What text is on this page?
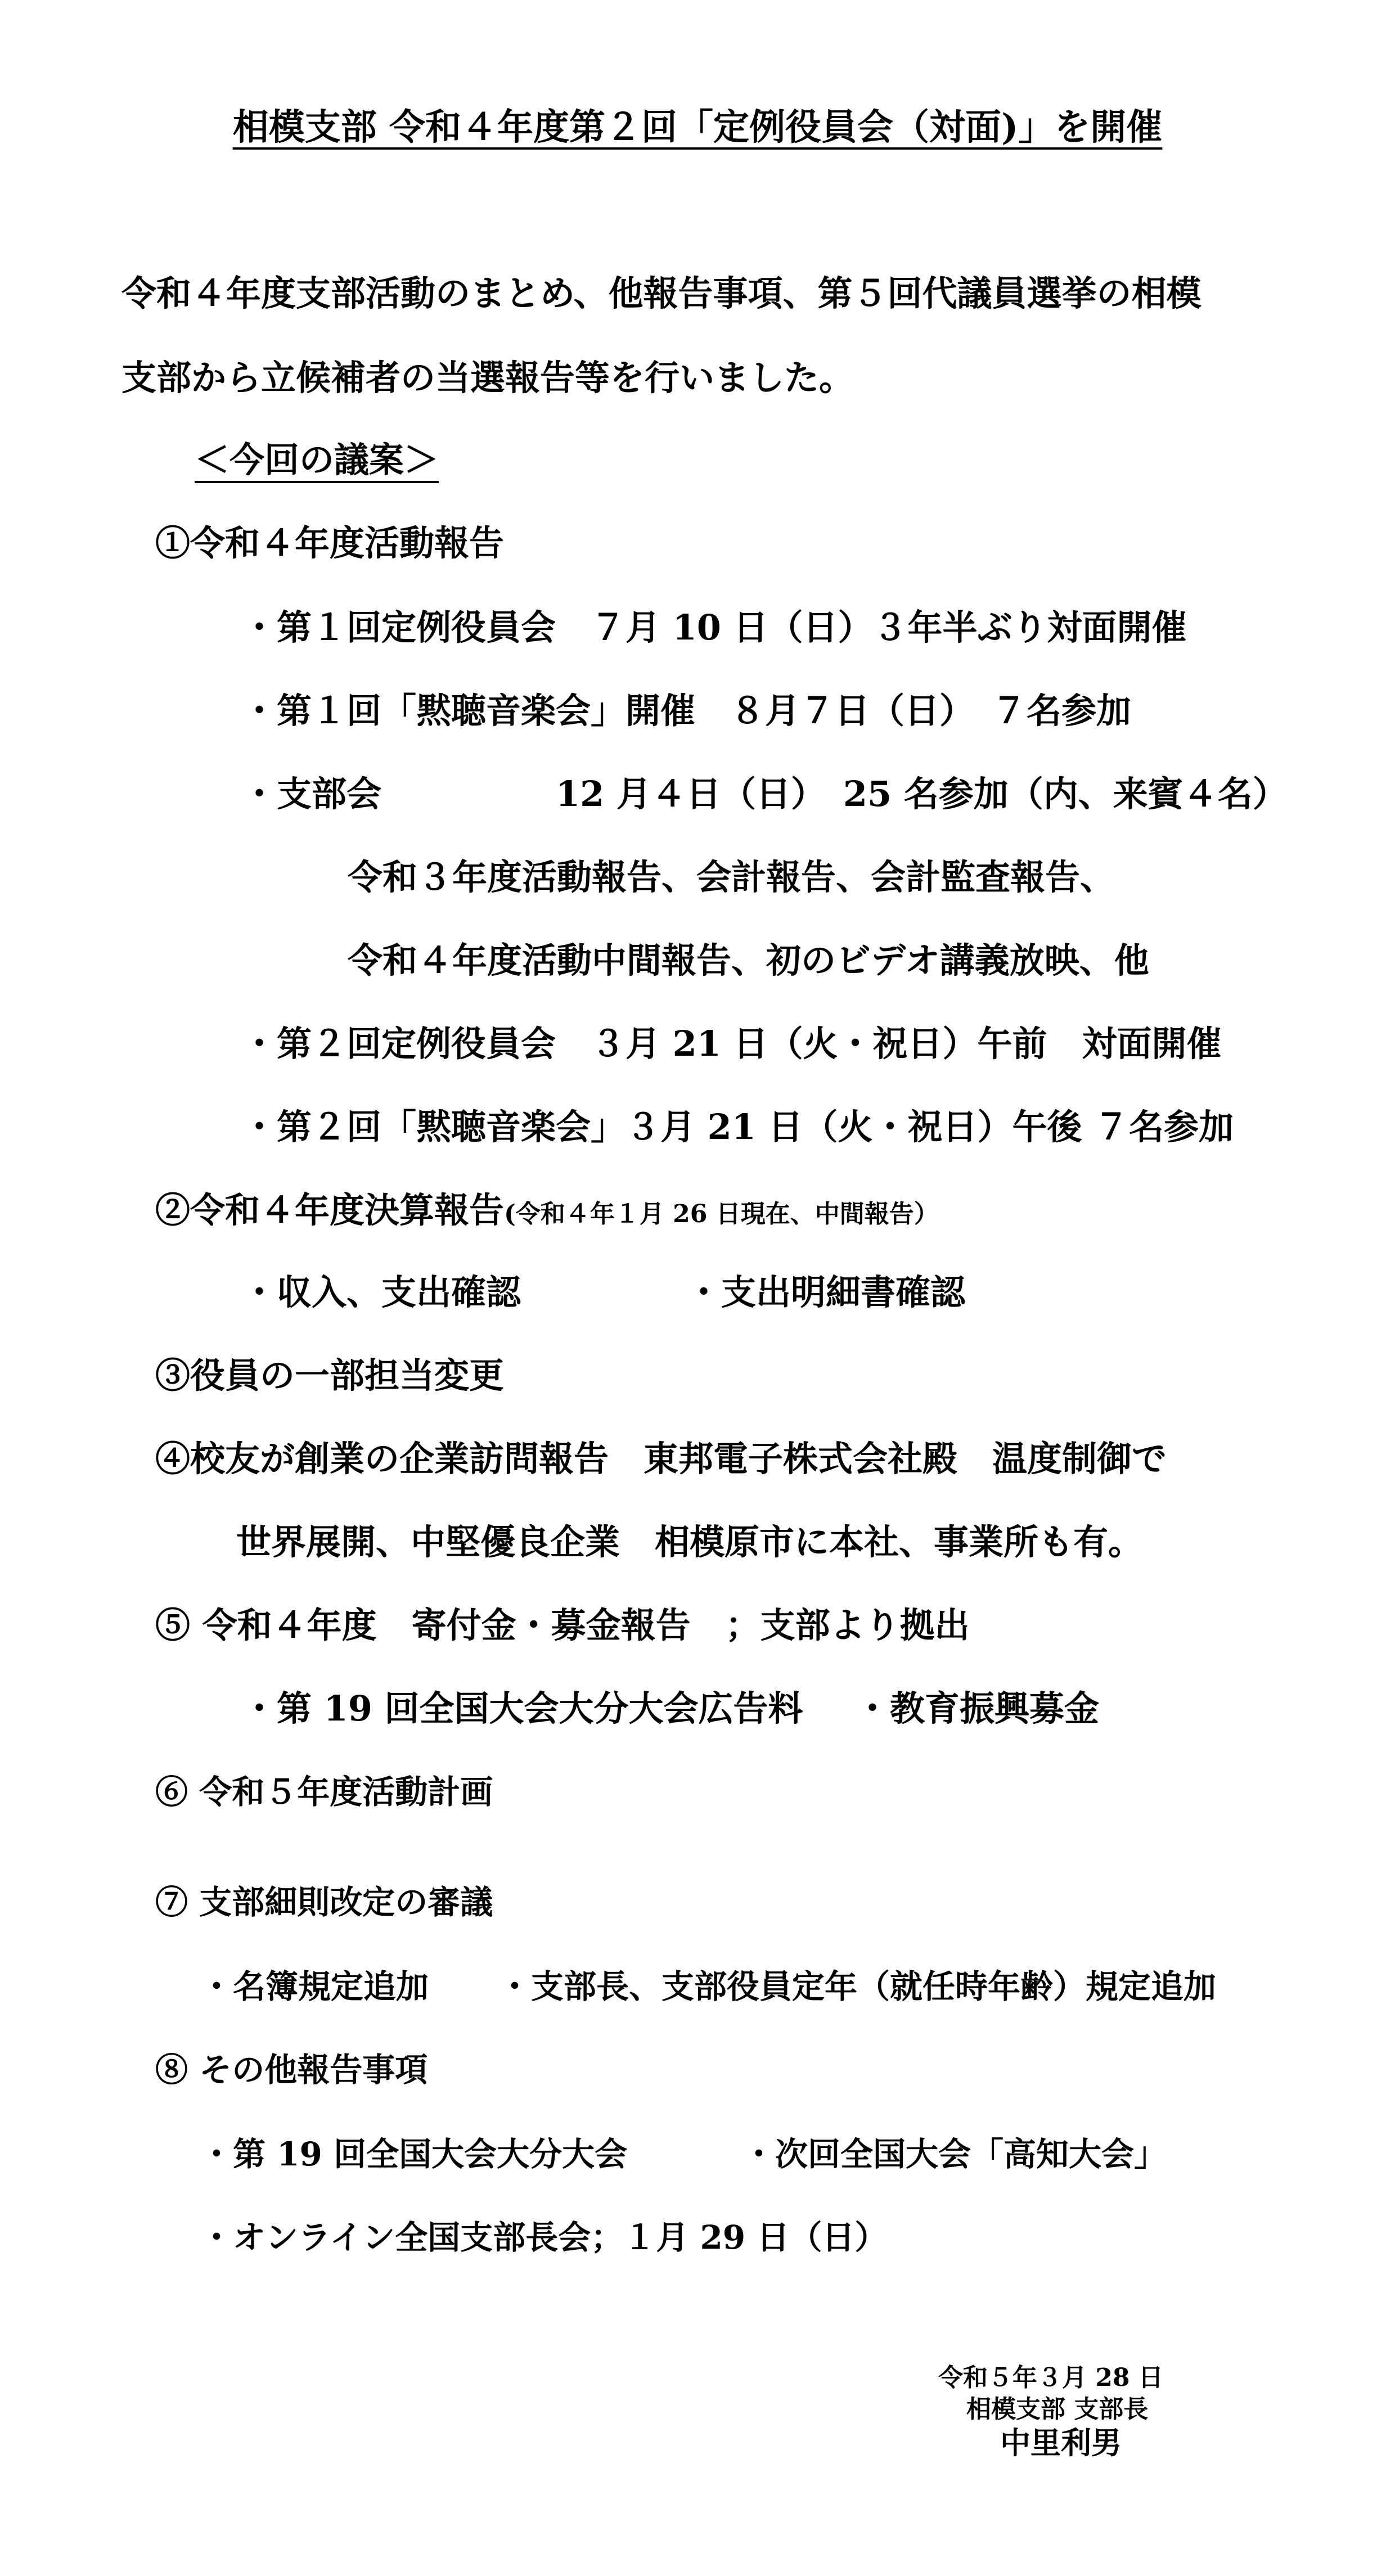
相模支部 令和４年度第２回「定例役員会（対面)」を開催
令和４年度支部活動のまとめ、他報告事項、第５回代議員選挙の相模
支部から立候補者の当選報告等を行いました。
＜今回の議案＞
①令和４年度活動報告
・第１回定例役員会　７月 10 日（日）３年半ぶり対面開催
・第１回「黙聴音楽会」開催　８月７日（日）　７名参加
・支部会　　　　　12 月４日（日）　25 名参加（内、来賓４名）
令和３年度活動報告、会計報告、会計監査報告、
令和４年度活動中間報告、初のビデオ講義放映、他
・第２回定例役員会　３月 21 日（火・祝日）午前　対面開催
・第２回「黙聴音楽会」３月 21 日（火・祝日）午後 ７名参加
②令和４年度決算報告(令和４年１月 26 日現在、中間報告）
・収入、支出確認	・支出明細書確認
③役員の一部担当変更
④校友が創業の企業訪問報告　東邦電子株式会社殿　温度制御で
世界展開、中堅優良企業　相模原市に本社、事業所も有。
⑤ 令和４年度　寄付金・募金報告　；支部より拠出
・第 19 回全国大会大分大会広告料 ・教育振興募金
⑥ 令和５年度活動計画
⑦ 支部細則改定の審議
・名簿規定追加 ・支部長、支部役員定年（就任時年齢）規定追加
⑧ その他報告事項
・第 19 回全国大会大分大会	・次回全国大会「高知大会」
・オンライン全国支部長会；１月 29 日（日）
令和５年３月 28 日
相模支部 支部長
中里利男
